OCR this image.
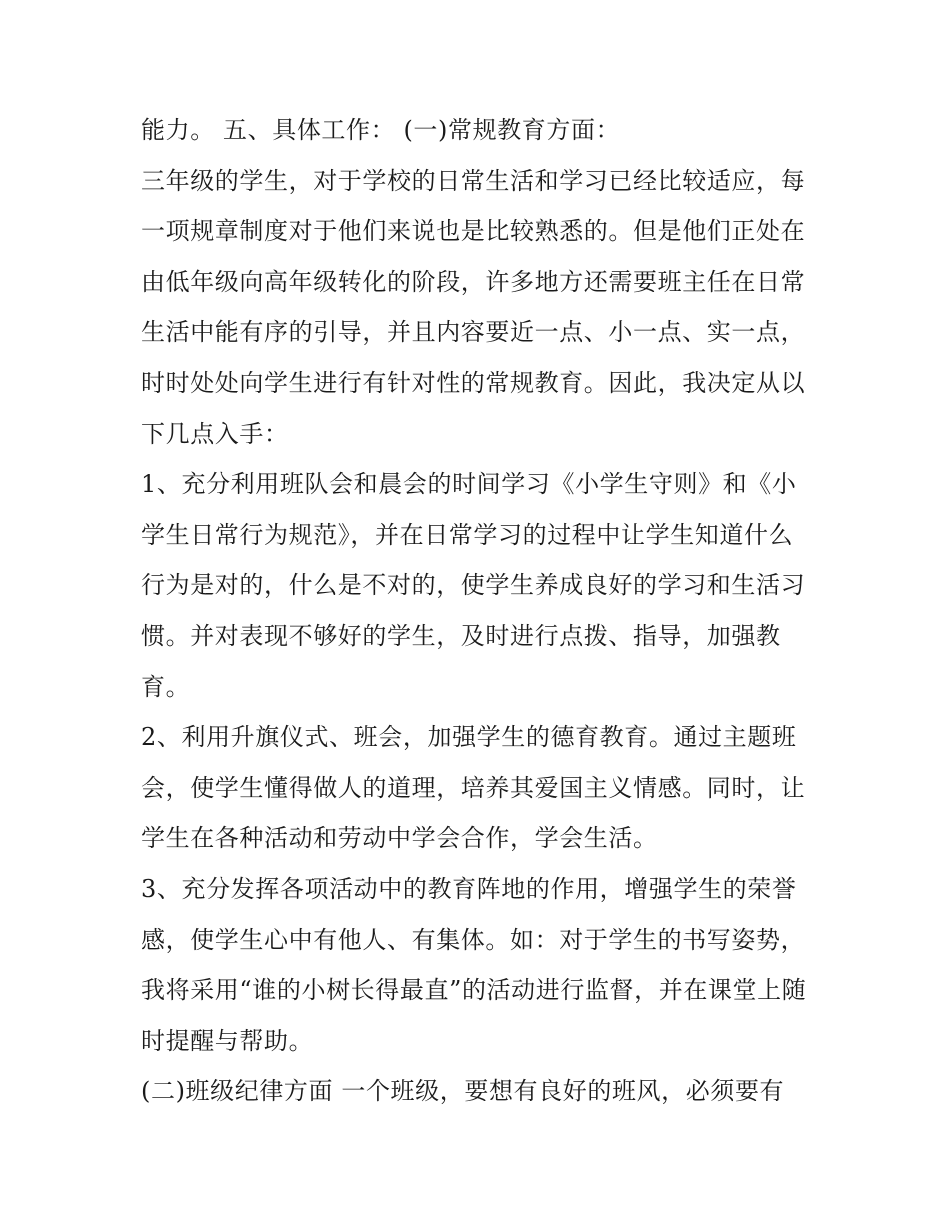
能力。 五、具体工作： (一)常规教育方面：
三年级的学生，对于学校的日常生活和学习已经比较适应，每
一项规章制度对于他们来说也是比较熟悉的。但是他们正处在
由低年级向高年级转化的阶段，许多地方还需要班主任在日常
生活中能有序的引导，并且内容要近一点、小一点、实一点，
时时处处向学生进行有针对性的常规教育。因此，我决定从以
下几点入手：
1、充分利用班队会和晨会的时间学习《小学生守则》和《小
学生日常行为规范》，并在日常学习的过程中让学生知道什么
行为是对的，什么是不对的，使学生养成良好的学习和生活习
惯。并对表现不够好的学生，及时进行点拨、指导，加强教
育。
2、利用升旗仪式、班会，加强学生的德育教育。通过主题班
会，使学生懂得做人的道理，培养其爱国主义情感。同时，让
学生在各种活动和劳动中学会合作，学会生活。
3、充分发挥各项活动中的教育阵地的作用，增强学生的荣誉
感，使学生心中有他人、有集体。如：对于学生的书写姿势，
我将采用“谁的小树长得最直”的活动进行监督，并在课堂上随
时提醒与帮助。
(二)班级纪律方面 一个班级，要想有良好的班风，必须要有
